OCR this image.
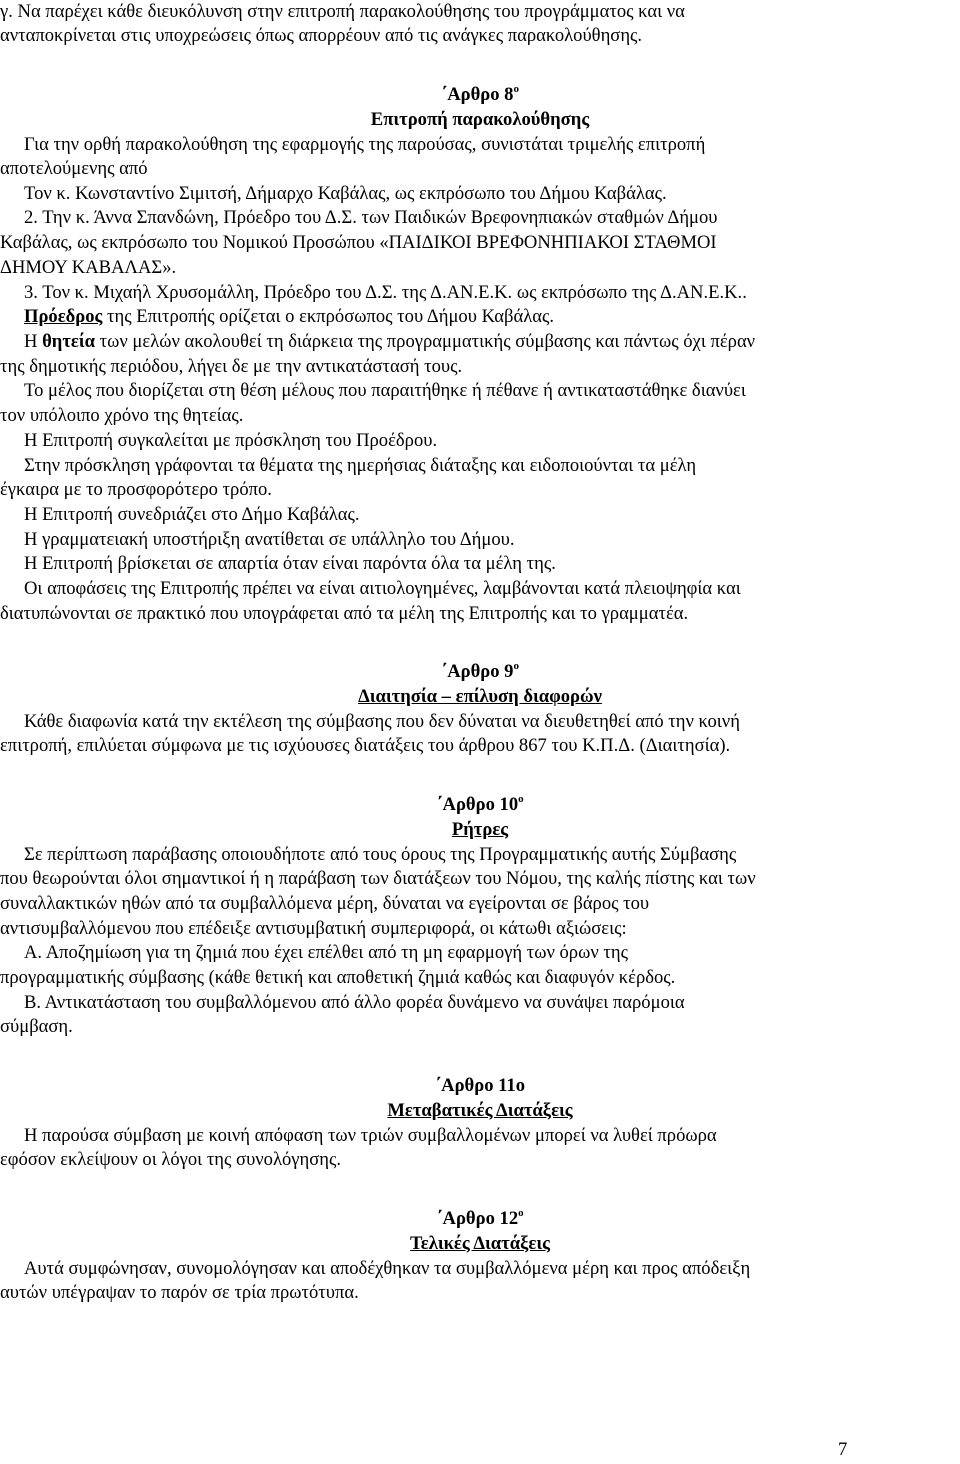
γ. Να παρέχει κάθε διευκόλυνση στην επιτροπή παρακολούθησης του προγράμματος και να
ανταποκρίνεται στις υποχρεώσεις όπως απορρέουν από τις ανάγκες παρακολούθησης.
΄Αρθρο $8^o$
Επιτροπή παρακολούθησης
Για την ορθή παρακολούθηση της εφαρμογής της παρούσας, συνιστάται τριμελής επιτροπή
αποτελούμενης από
Τον κ. Κωνσταντίνο Σιμιτσή, Δήμαρχο Καβάλας, ως εκπρόσωπο του Δήμου Καβάλας.
2. Την κ. Άννα Σπανδώνη, Πρόεδρο του Δ.Σ. των Παιδικών Βρεφονηπιακών σταθμών Δήμου
Καβάλας, ως εκπρόσωπο του Νομικού Προσώπου «ΠΑΙΔΙΚΟΙ ΒΡΕΦΟΝΗΠΙΑΚΟΙ ΣΤΑΘΜΟΙ
ΔΗΜΟΥ ΚΑΒΑΛΑΣ».
3. Τον κ. Μιχαήλ Χρυσομάλλη, Πρόεδρο του Δ.Σ. της Δ.ΑΝ.Ε.Κ. ως εκπρόσωπο της Δ.ΑΝ.Ε.Κ..
Πρόεδρος της Επιτροπής ορίζεται ο εκπρόσωπος του Δήμου Καβάλας.
Η θητεία των μελών ακολουθεί τη διάρκεια της προγραμματικής σύμβασης και πάντως όχι πέραν
της δημοτικής περιόδου, λήγει δε με την αντικατάστασή τους.
Το μέλος που διορίζεται στη θέση μέλους που παραιτήθηκε ή πέθανε ή αντικαταστάθηκε διανύει
τον υπόλοιπο χρόνο της θητείας.
Η Επιτροπή συγκαλείται με πρόσκληση του Προέδρου.
Στην πρόσκληση γράφονται τα θέματα της ημερήσιας διάταξης και ειδοποιούνται τα μέλη
έγκαιρα με το προσφορότερο τρόπο.
Η Επιτροπή συνεδριάζει στο Δήμο Καβάλας.
Η γραμματειακή υποστήριξη ανατίθεται σε υπάλληλο του Δήμου.
Η Επιτροπή βρίσκεται σε απαρτία όταν είναι παρόντα όλα τα μέλη της.
Οι αποφάσεις της Επιτροπής πρέπει να είναι αιτιολογημένες, λαμβάνονται κατά πλειοψηφία και
διατυπώνονται σε πρακτικό που υπογράφεται από τα μέλη της Επιτροπής και το γραμματέα.
΄Αρθρο $9^o$
Διαιτησία – επίλυση διαφορών
Κάθε διαφωνία κατά την εκτέλεση της σύμβασης που δεν δύναται να διευθετηθεί από την κοινή
επιτροπή, επιλύεται σύμφωνα με τις ισχύουσες διατάξεις του άρθρου 867 του Κ.Π.Δ. (Διαιτησία).
΄Αρθρο $10^o$
Ρήτρες
Σε περίπτωση παράβασης οποιουδήποτε από τους όρους της Προγραμματικής αυτής Σύμβασης
που θεωρούνται όλοι σημαντικοί ή η παράβαση των διατάξεων του Νόμου, της καλής πίστης και των
συναλλακτικών ηθών από τα συμβαλλόμενα μέρη, δύναται να εγείρονται σε βάρος του
αντισυμβαλλόμενου που επέδειξε αντισυμβατική συμπεριφορά, οι κάτωθι αξιώσεις:
Α. Αποζημίωση για τη ζημιά που έχει επέλθει από τη μη εφαρμογή των όρων της
προγραμματικής σύμβασης (κάθε θετική και αποθετική ζημιά καθώς και διαφυγόν κέρδος.
Β. Αντικατάσταση του συμβαλλόμενου από άλλο φορέα δυνάμενο να συνάψει παρόμοια
σύμβαση.
΄Αρθρο 11ο
Μεταβατικές Διατάξεις
Η παρούσα σύμβαση με κοινή απόφαση των τριών συμβαλλομένων μπορεί να λυθεί πρόωρα
εφόσον εκλείψουν οι λόγοι της συνολόγησης.
΄Αρθρο $12^o$
Τελικές Διατάξεις
Αυτά συμφώνησαν, συνομολόγησαν και αποδέχθηκαν τα συμβαλλόμενα μέρη και προς απόδειξη
αυτών υπέγραψαν το παρόν σε τρία πρωτότυπα.
7
